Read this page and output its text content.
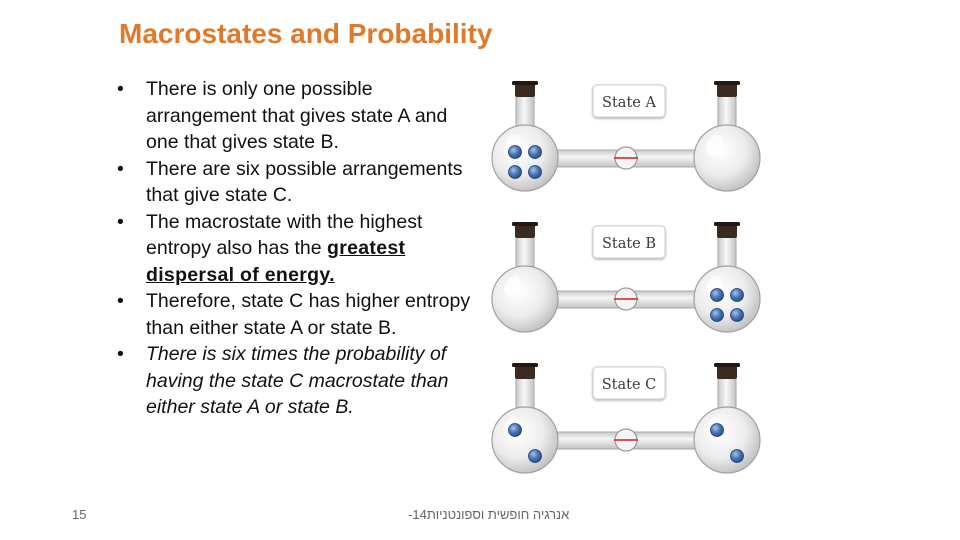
Macrostates and Probability
• There is only one possible arrangement that gives state A and one that gives state B.
• There are six possible arrangements that give state C.
• The macrostate with the highest entropy also has the greatest dispersal of energy.
• Therefore, state C has higher entropy than either state A or state B.
• There is six times the probability of having the state C macrostate than either state A or state B.
State A
State B
State C
15	אנרגיה חופשית וספונטניות14-
